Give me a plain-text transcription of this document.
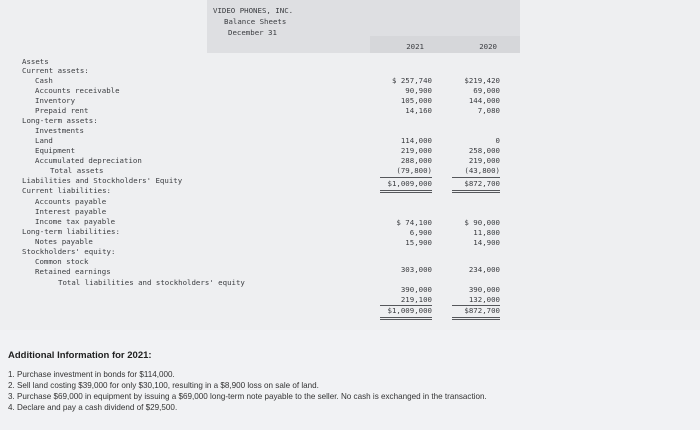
VIDEO PHONES, INC.
Balance Sheets
December 31
2021	2020
Assets
Current assets:
Cash
Accounts receivable
Inventory
Prepaid rent
Long-term assets:
Investments
Land
Equipment
Accumulated depreciation
Total assets
Liabilities and Stockholders' Equity
Current liabilities:
Accounts payable
Interest payable
Income tax payable
Long-term liabilities:
Notes payable
Stockholders' equity:
Common stock
Retained earnings
Total liabilities and stockholders' equity
$ 257,740
90,900
105,000
14,160
114,000
219,000
288,000
(79,800)
$1,009,000
$ 74,100
6,900
15,900
303,000
390,000
219,100
$1,009,000
$219,420
69,000
144,000
7,080
0
258,000
219,000
(43,800)
$872,700
$ 90,000
11,800
14,900
234,000
390,000
132,000
$872,700
Additional Information for 2021:
1. Purchase investment in bonds for $114,000.
2. Sell land costing $39,000 for only $30,100, resulting in a $8,900 loss on sale of land.
3. Purchase $69,000 in equipment by issuing a $69,000 long-term note payable to the seller. No cash is exchanged in the transaction.
4. Declare and pay a cash dividend of $29,500.
